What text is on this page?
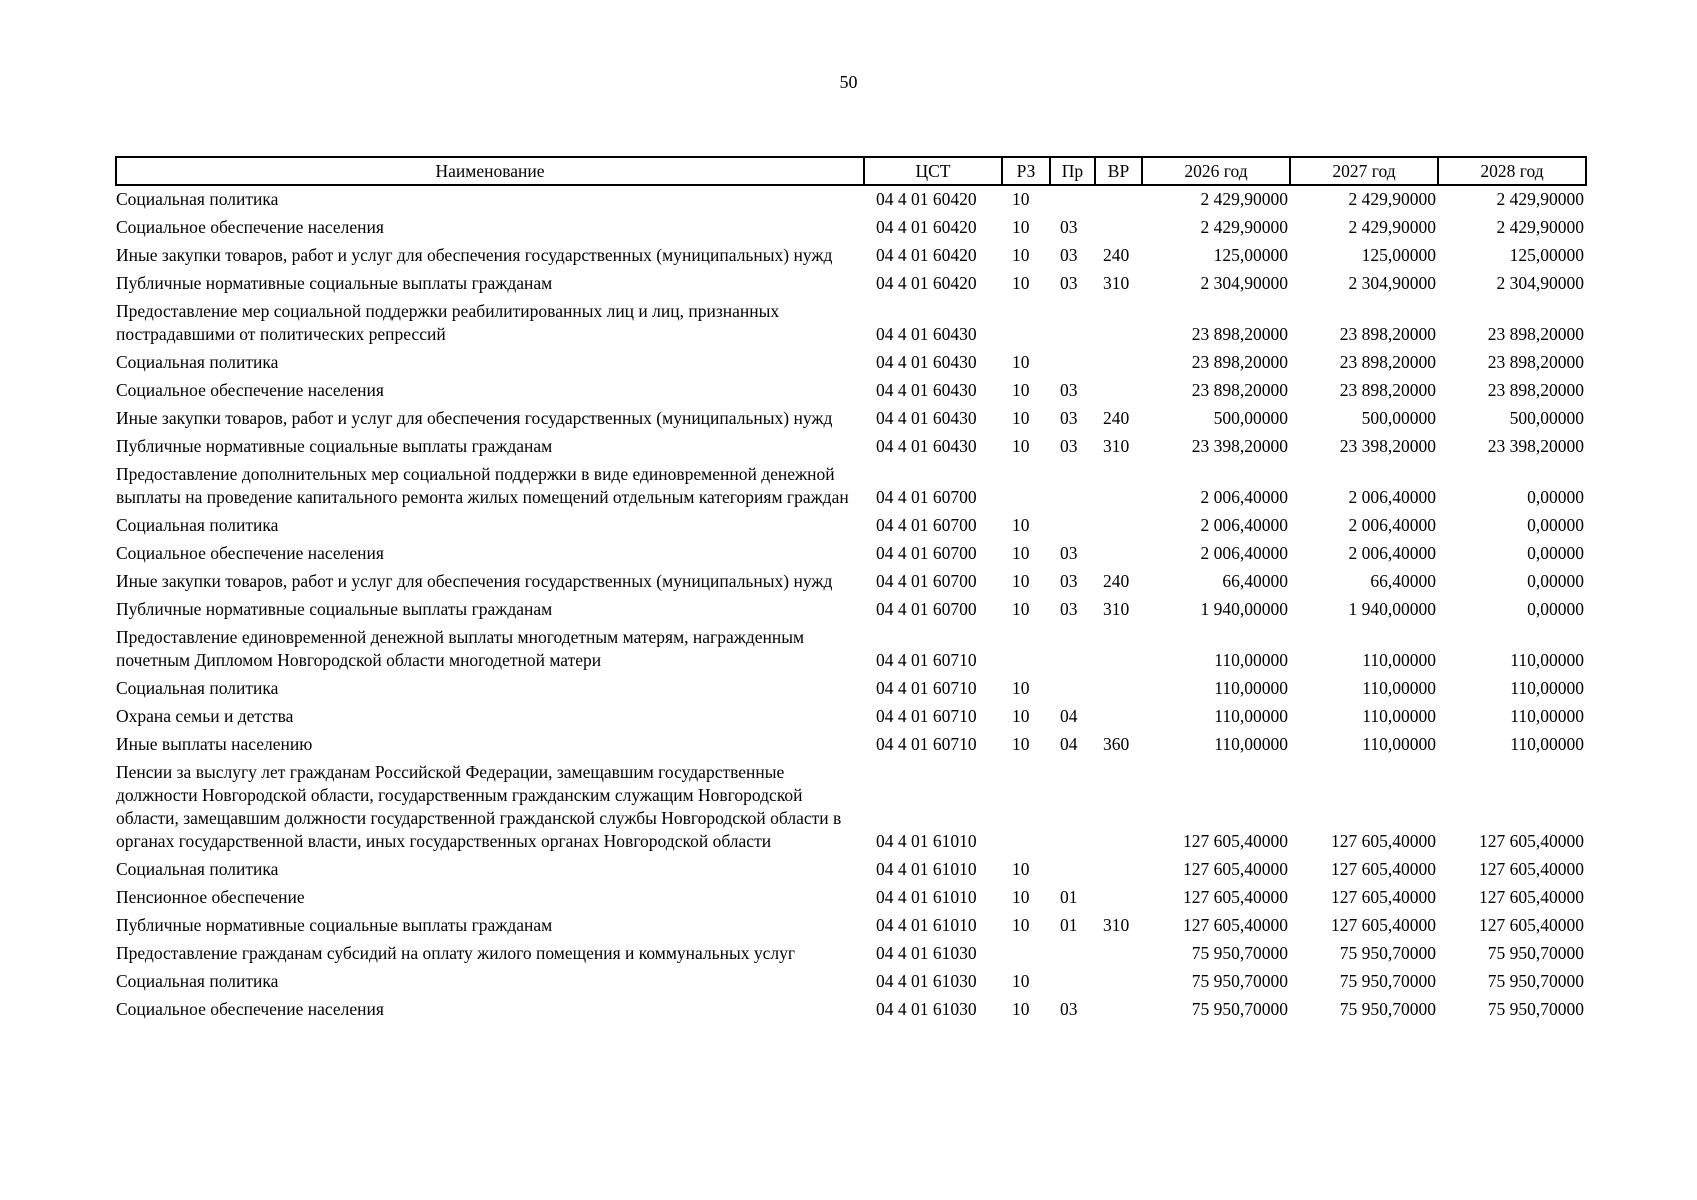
50
Наименование	ЦСТ	РЗ	Пр	ВР	2026 год	2027 год	2028 год
Социальная политика	04 4 01 60420	10			2 429,90000	2 429,90000	2 429,90000
Социальное обеспечение населения	04 4 01 60420	10	03		2 429,90000	2 429,90000	2 429,90000
Иные закупки товаров, работ и услуг для обеспечения государственных (муниципальных) нужд	04 4 01 60420	10	03	240	125,00000	125,00000	125,00000
Публичные нормативные социальные выплаты гражданам	04 4 01 60420	10	03	310	2 304,90000	2 304,90000	2 304,90000
Предоставление мер социальной поддержки реабилитированных лиц и лиц, признанных пострадавшими от политических репрессий	04 4 01 60430				23 898,20000	23 898,20000	23 898,20000
Социальная политика	04 4 01 60430	10			23 898,20000	23 898,20000	23 898,20000
Социальное обеспечение населения	04 4 01 60430	10	03		23 898,20000	23 898,20000	23 898,20000
Иные закупки товаров, работ и услуг для обеспечения государственных (муниципальных) нужд	04 4 01 60430	10	03	240	500,00000	500,00000	500,00000
Публичные нормативные социальные выплаты гражданам	04 4 01 60430	10	03	310	23 398,20000	23 398,20000	23 398,20000
Предоставление дополнительных мер социальной поддержки в виде единовременной денежной выплаты на проведение капитального ремонта жилых помещений отдельным категориям граждан	04 4 01 60700				2 006,40000	2 006,40000	0,00000
Социальная политика	04 4 01 60700	10			2 006,40000	2 006,40000	0,00000
Социальное обеспечение населения	04 4 01 60700	10	03		2 006,40000	2 006,40000	0,00000
Иные закупки товаров, работ и услуг для обеспечения государственных (муниципальных) нужд	04 4 01 60700	10	03	240	66,40000	66,40000	0,00000
Публичные нормативные социальные выплаты гражданам	04 4 01 60700	10	03	310	1 940,00000	1 940,00000	0,00000
Предоставление единовременной денежной выплаты многодетным матерям, награжденным почетным Дипломом Новгородской области многодетной матери	04 4 01 60710				110,00000	110,00000	110,00000
Социальная политика	04 4 01 60710	10			110,00000	110,00000	110,00000
Охрана семьи и детства	04 4 01 60710	10	04		110,00000	110,00000	110,00000
Иные выплаты населению	04 4 01 60710	10	04	360	110,00000	110,00000	110,00000
Пенсии за выслугу лет гражданам Российской Федерации, замещавшим государственные должности Новгородской области, государственным гражданским служащим Новгородской области, замещавшим должности государственной гражданской службы Новгородской области в органах государственной власти, иных государственных органах Новгородской области	04 4 01 61010				127 605,40000	127 605,40000	127 605,40000
Социальная политика	04 4 01 61010	10			127 605,40000	127 605,40000	127 605,40000
Пенсионное обеспечение	04 4 01 61010	10	01		127 605,40000	127 605,40000	127 605,40000
Публичные нормативные социальные выплаты гражданам	04 4 01 61010	10	01	310	127 605,40000	127 605,40000	127 605,40000
Предоставление гражданам субсидий на оплату жилого помещения и коммунальных услуг	04 4 01 61030				75 950,70000	75 950,70000	75 950,70000
Социальная политика	04 4 01 61030	10			75 950,70000	75 950,70000	75 950,70000
Социальное обеспечение населения	04 4 01 61030	10	03		75 950,70000	75 950,70000	75 950,70000
